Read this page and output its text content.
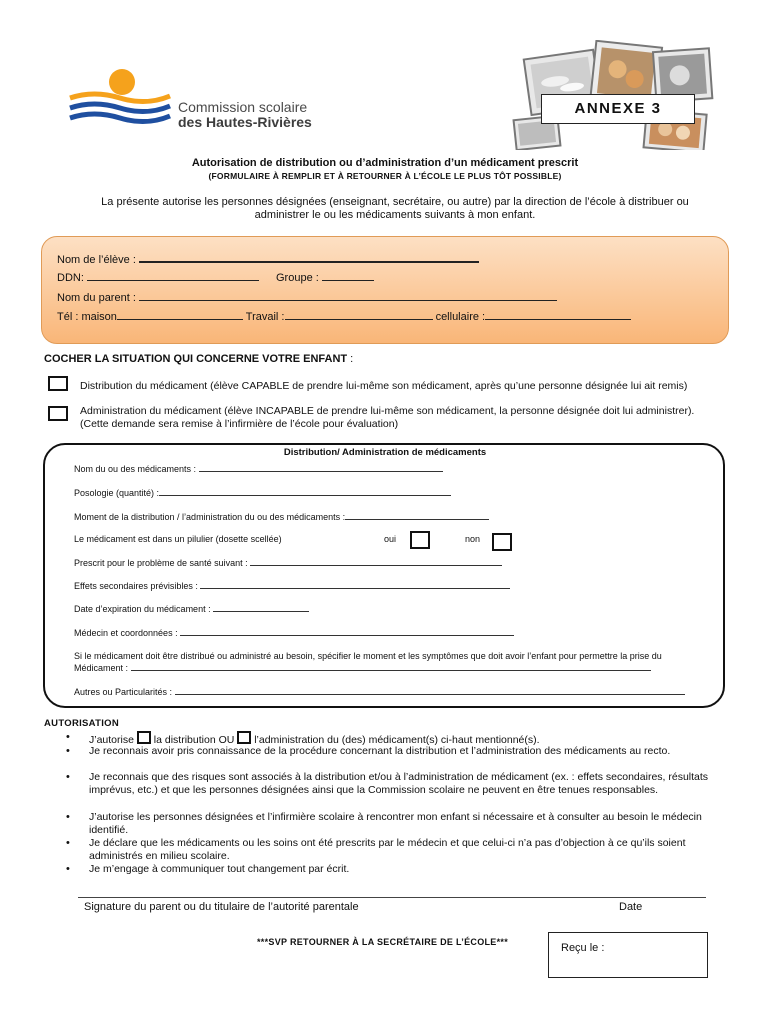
Commission scolaire
des Hautes-Rivières
ANNEXE 3
Autorisation de distribution ou d’administration d’un médicament prescrit
(FORMULAIRE À REMPLIR ET À RETOURNER À L’ÉCOLE LE PLUS TÔT POSSIBLE)
La présente autorise les personnes désignées (enseignant, secrétaire, ou autre) par la direction de l’école à distribuer ou administrer le ou les médicaments suivants à mon enfant.
Nom de l’élève :
DDN:	Groupe :
Nom du parent :
Tél : maison	Travail :	cellulaire :
COCHER LA SITUATION QUI CONCERNE VOTRE ENFANT :
Distribution du médicament (élève CAPABLE de prendre lui-même son médicament, après qu’une personne désignée lui ait remis)
Administration du médicament (élève INCAPABLE de prendre lui-même son médicament, la personne désignée doit lui administrer). (Cette demande sera remise à l’infirmière de l’école pour évaluation)
Distribution/ Administration de médicaments
Nom du ou des médicaments :
Posologie (quantité) :
Moment de la distribution / l’administration du ou des médicaments :
Le médicament est dans un pilulier (dosette scellée)	oui	non
Prescrit pour le problème de santé suivant :
Effets secondaires prévisibles :
Date d’expiration du médicament :
Médecin et coordonnées :
Si le médicament doit être distribué ou administré au besoin, spécifier le moment et les symptômes que doit avoir l’enfant pour permettre la prise du Médicament :
Autres ou Particularités :
AUTORISATION
• J’autorise la distribution OU l’administration du (des) médicament(s) ci-haut mentionné(s).
• Je reconnais avoir pris connaissance de la procédure concernant la distribution et l’administration des médicaments au recto.
• Je reconnais que des risques sont associés à la distribution et/ou à l’administration de médicament (ex. : effets secondaires, résultats imprévus, etc.) et que les personnes désignées ainsi que la Commission scolaire ne peuvent en être tenues responsables.
• J’autorise les personnes désignées et l’infirmière scolaire à rencontrer mon enfant si nécessaire et à consulter au besoin le médecin identifié.
• Je déclare que les médicaments ou les soins ont été prescrits par le médecin et que celui-ci n’a pas d’objection à ce qu’ils soient administrés en milieu scolaire.
• Je m’engage à communiquer tout changement par écrit.
Signature du parent ou du titulaire de l’autorité parentale	Date
***SVP RETOURNER À LA SECRÉTAIRE DE L’ÉCOLE***	Reçu le :
